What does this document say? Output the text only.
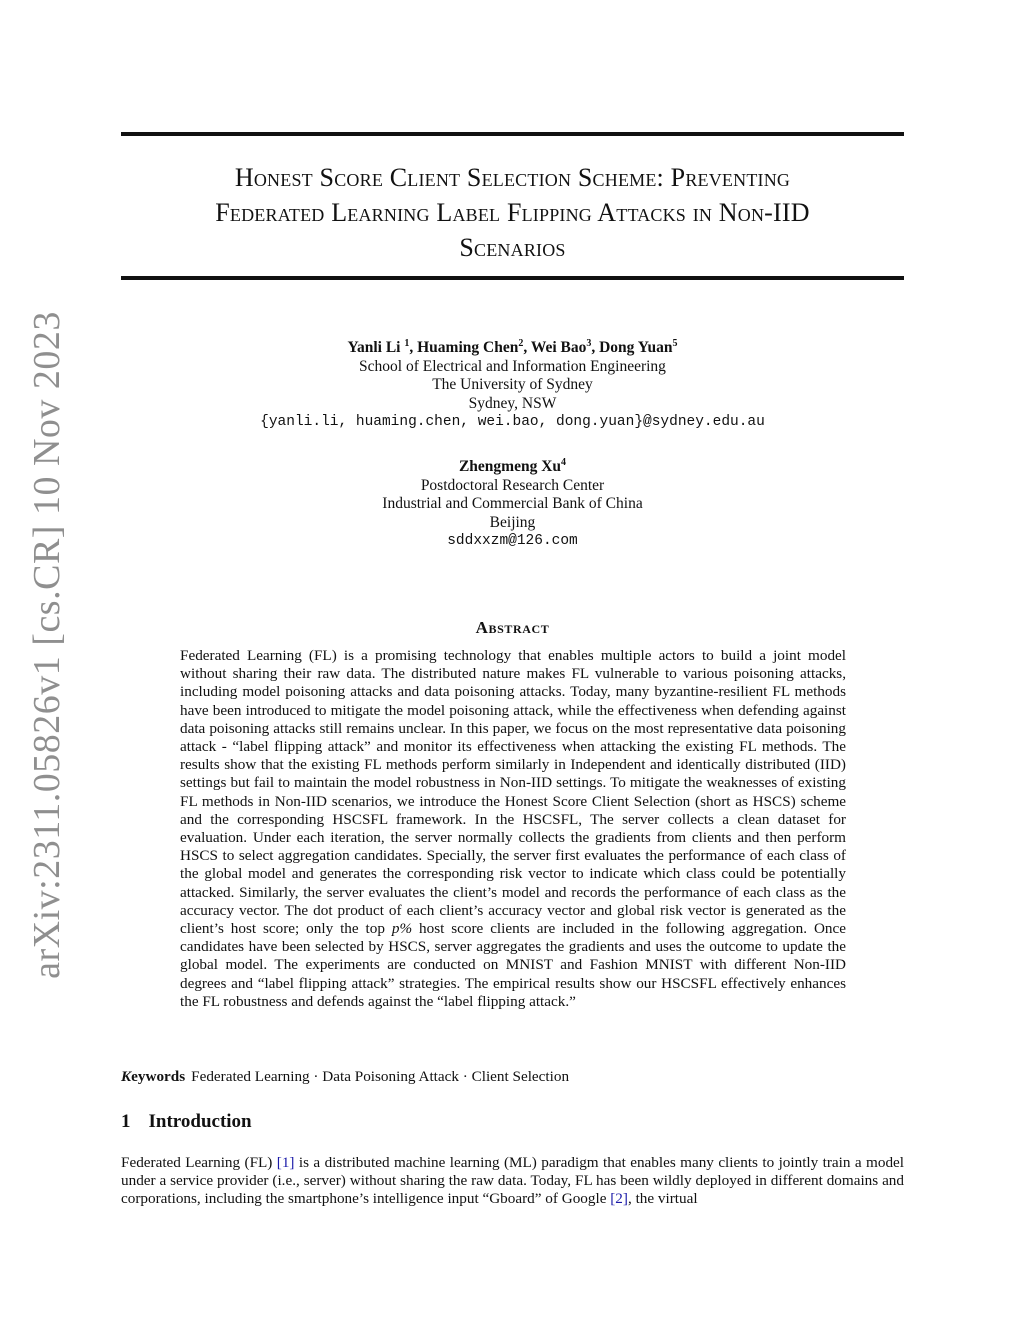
arXiv:2311.05826v1 [cs.CR] 10 Nov 2023
Honest Score Client Selection Scheme: Preventing
Federated Learning Label Flipping Attacks in Non-IID
Scenarios
Yanli Li $^1$, Huaming Chen$^2$, Wei Bao$^3$, Dong Yuan$^5$
School of Electrical and Information Engineering
The University of Sydney
Sydney, NSW
{yanli.li, huaming.chen, wei.bao, dong.yuan}@sydney.edu.au
Zhengmeng Xu$^4$
Postdoctoral Research Center
Industrial and Commercial Bank of China
Beijing
sddxxzm@126.com
Abstract
Federated Learning (FL) is a promising technology that enables multiple actors to build a joint model without sharing their raw data. The distributed nature makes FL vulnerable to various poisoning attacks, including model poisoning attacks and data poisoning attacks. Today, many byzantine-resilient FL methods have been introduced to mitigate the model poisoning attack, while the effectiveness when defending against data poisoning attacks still remains unclear. In this paper, we focus on the most representative data poisoning attack - “label flipping attack” and monitor its effectiveness when attacking the existing FL methods. The results show that the existing FL methods perform similarly in Independent and identically distributed (IID) settings but fail to maintain the model robustness in Non-IID settings. To mitigate the weaknesses of existing FL methods in Non-IID scenarios, we introduce the Honest Score Client Selection (short as HSCS) scheme and the corresponding HSCSFL framework. In the HSCSFL, The server collects a clean dataset for evaluation. Under each iteration, the server normally collects the gradients from clients and then perform HSCS to select aggregation candidates. Specially, the server first evaluates the performance of each class of the global model and generates the corresponding risk vector to indicate which class could be potentially attacked. Similarly, the server evaluates the client’s model and records the performance of each class as the accuracy vector. The dot product of each client’s accuracy vector and global risk vector is generated as the client’s host score; only the top p% host score clients are included in the following aggregation. Once candidates have been selected by HSCS, server aggregates the gradients and uses the outcome to update the global model. The experiments are conducted on MNIST and Fashion MNIST with different Non-IID degrees and “label flipping attack” strategies. The empirical results show our HSCSFL effectively enhances the FL robustness and defends against the “label flipping attack.”
Keywords Federated Learning · Data Poisoning Attack · Client Selection
1 Introduction
Federated Learning (FL) [1] is a distributed machine learning (ML) paradigm that enables many clients to jointly train a model under a service provider (i.e., server) without sharing the raw data. Today, FL has been wildly deployed in different domains and corporations, including the smartphone’s intelligence input “Gboard” of Google [2], the virtual
